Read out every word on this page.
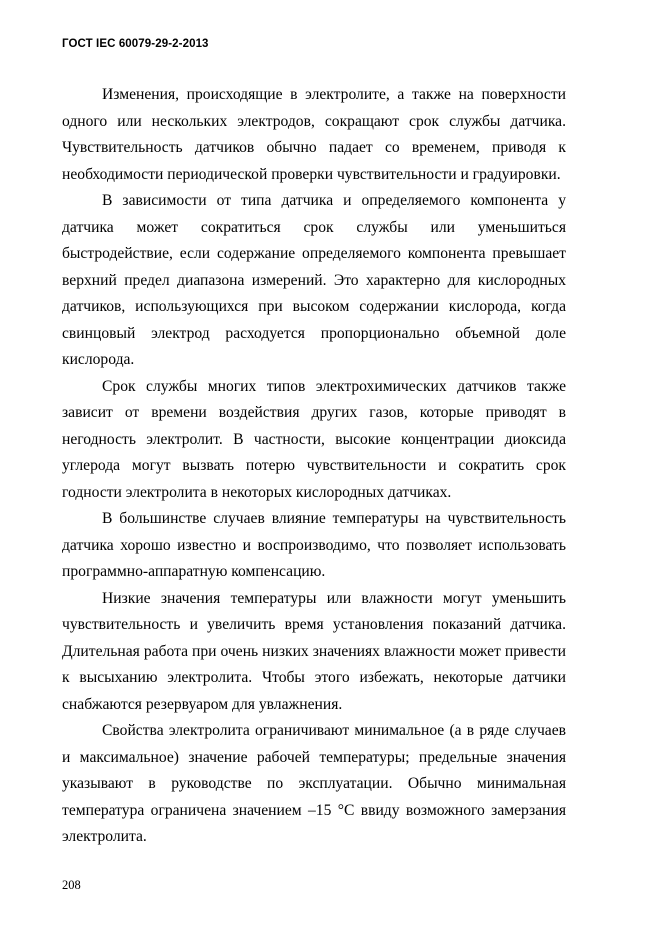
ГОСТ IEC 60079-29-2-2013

Изменения, происходящие в электролите, а также на поверхности одного или нескольких электродов, сокращают срок службы датчика. Чувствительность датчиков обычно падает со временем, приводя к необходимости периодической проверки чувствительности и градуировки.

В зависимости от типа датчика и определяемого компонента у датчика может сократиться срок службы или уменьшиться быстродействие, если содержание определяемого компонента превышает верхний предел диапазона измерений. Это характерно для кислородных датчиков, использующихся при высоком содержании кислорода, когда свинцовый электрод расходуется пропорционально объемной доле кислорода.

Срок службы многих типов электрохимических датчиков также зависит от времени воздействия других газов, которые приводят в негодность электролит. В частности, высокие концентрации диоксида углерода могут вызвать потерю чувствительности и сократить срок годности электролита в некоторых кислородных датчиках.

В большинстве случаев влияние температуры на чувствительность датчика хорошо известно и воспроизводимо, что позволяет использовать программно-аппаратную компенсацию.

Низкие значения температуры или влажности могут уменьшить чувствительность и увеличить время установления показаний датчика. Длительная работа при очень низких значениях влажности может привести к высыханию электролита. Чтобы этого избежать, некоторые датчики снабжаются резервуаром для увлажнения.

Свойства электролита ограничивают минимальное (а в ряде случаев и максимальное) значение рабочей температуры; предельные значения указывают в руководстве по эксплуатации. Обычно минимальная температура ограничена значением –15 °С ввиду возможного замерзания электролита.

208
